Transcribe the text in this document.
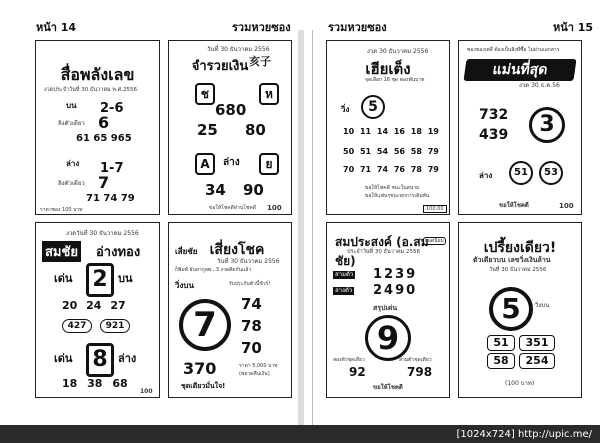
หน้า 14	รวมหวยซอง	รวมหวยซอง	หน้า 15
สื่อพลังเลข
งวดประจำวันที่ 30 ธันวาคม พ.ศ.2556
บน 2-6
ลิงตัวเดียว 6
61 65 965
ล่าง 1-7
ลิงตัวเดียว 7
71 74 79
ราคาซอง 100 บาท
วันที่ 30 ธันวาคม 2556
จำรวยเงิน 亥子
ช	ห
680
25 80
A	ล่าง	ย
34 90
ขอให้โชคดีท่านโชคดี 100
งวด 30 ธันวาคม 2556
เฮียเต็ง
จุดเลือก 16 ชุด ตองพันบาท
วิ่ง	5
10 11 14 16 18 19
50 51 54 56 58 79
70 71 74 76 78 79
ขอให้โชคดี ชนะในสนาม
ขอให้แฟนๆชนะทุกการเดิมพัน
100.00
ซองของเพลี่ ต้องเป็นสิ่งที่ซื้อ ไม่ผ่านเอกสาร
แม่นที่สุด
งวด 30 ธ.ค.56
732
439	3
ล่าง	51	53
ขอให้โชคดี	100
งวดวันที่ 30 ธันวาคม 2556
สมชัย อ่างทอง
เด่น 2 บน
20 24 27
427	921
เด่น 8 ล่าง
18 38 68
100
เสี่ยชัย เสี่ยงโชค
วันที่ 30 ธันวาคม 2556
ก็พิมพ์ ธันยากูลพ...3 งวดติดกันแล้ว
วิ่งบน	รับประกันตัวนี้ชัวร์!
7
74
78
70
370	ราคา 5,000 บาท
(พลาดคืนเงิน)
ชุดเดียวมั่นใจ!
สมประสงค์ (อ.สมชัย)
ยอดนิยม
ประจำวันที่ 30 ธันวาคม 2556
สามตัว 1239
ล่างตัว 2490
สรุปเด่น
9
สองตัวชุดเดียว	สามตัวชุดเดียว
92	798
ขอให้โชคดี
เปรี้ยงเดียว!
ตัวเดียวบน เลขวิ่งเงินล้าน
วันที่ 30 ธันวาคม 2556
5	วิ่งบน
51	351
58	254
(100 บาท)
[1024x724] http://upic.me/
